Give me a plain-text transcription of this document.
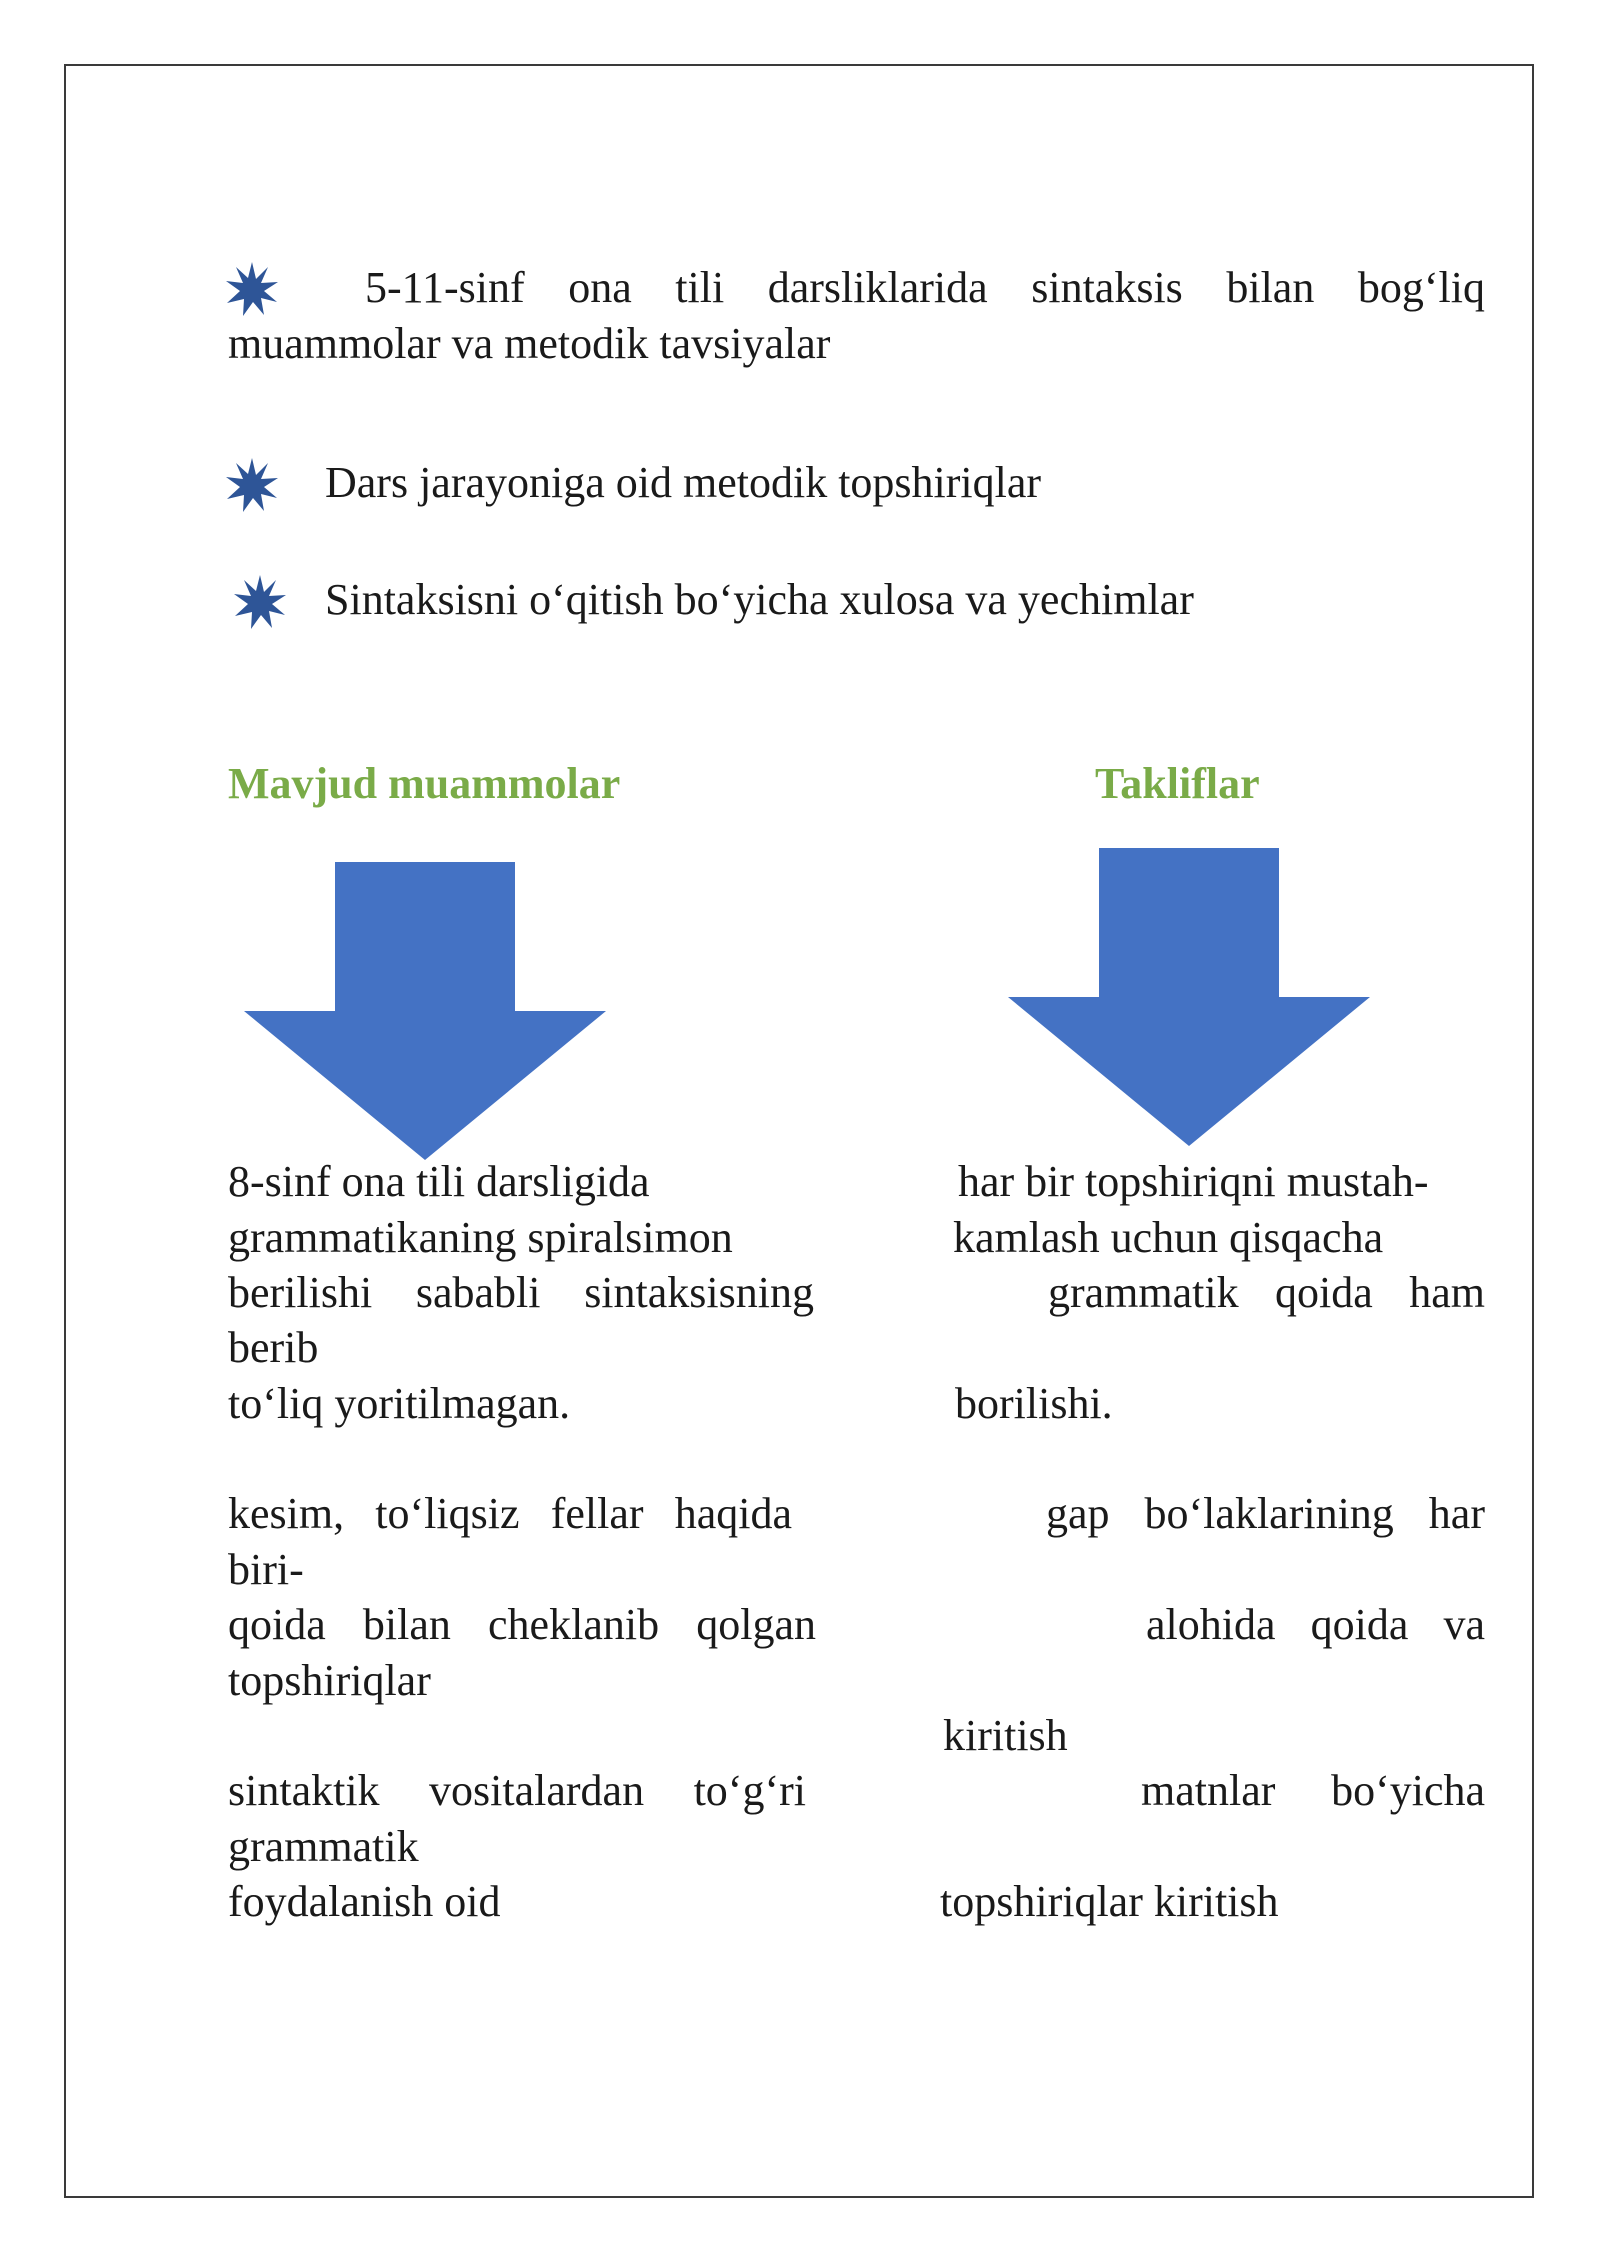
5-11-sinf ona tili darsliklarida sintaksis bilan bog‘liq
muammolar va metodik tavsiyalar
Dars jarayoniga oid metodik topshiriqlar
Sintaksisni o‘qitish bo‘yicha xulosa va yechimlar
Mavjud muammolar	Takliflar
8-sinf ona tili darsligida
grammatikaning spiralsimon
berilishi sababli sintaksisning
berib
to‘liq yoritilmagan.
kesim, to‘liqsiz fellar haqida
biri-
qoida bilan cheklanib qolgan
topshiriqlar
sintaktik vositalardan to‘g‘ri
grammatik
foydalanish oid
har bir topshiriqni mustah-
kamlash uchun qisqacha
grammatik qoida ham
borilishi.
gap bo‘laklarining har
alohida qoida va
kiritish
matnlar bo‘yicha
topshiriqlar kiritish
